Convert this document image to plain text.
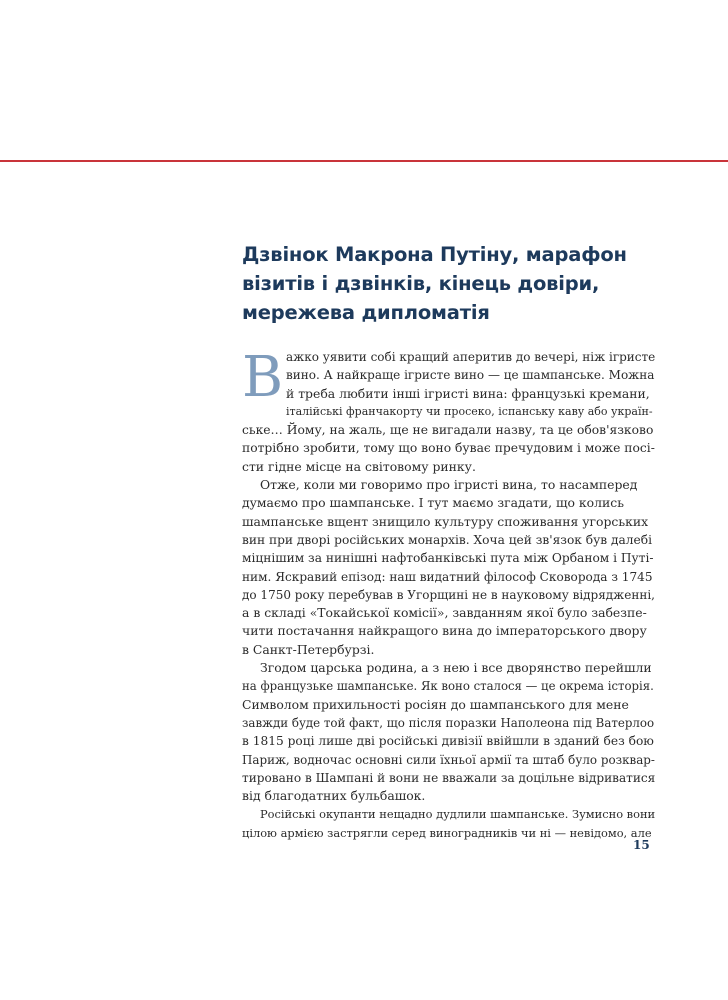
Дзвінок Макрона Путіну, марафон
візитів і дзвінків, кінець довіри,
мережева дипломатія

В ажко уявити собі кращий аперитив до вечері, ніж ігристе
вино. А найкраще ігристе вино — це шампанське. Можна
й треба любити інші ігристі вина: французькі кремани,
італійські франчакорту чи просеко, іспанську каву або україн-
ське… Йому, на жаль, ще не вигадали назву, та це обов'язково
потрібно зробити, тому що воно буває пречудовим і може посі-
сти гідне місце на світовому ринку.

Отже, коли ми говоримо про ігристі вина, то насамперед
думаємо про шампанське. І тут маємо згадати, що колись
шампанське вщент знищило культуру споживання угорських
вин при дворі російських монархів. Хоча цей зв'язок був далебі
міцнішим за нинішні нафтобанківські пута між Орбаном і Путі-
ним. Яскравий епізод: наш видатний філософ Сковорода з 1745
до 1750 року перебував в Угорщині не в науковому відрядженні,
а в складі «Токайської комісії», завданням якої було забезпе-
чити постачання найкращого вина до імператорського двору
в Санкт-Петербурзі.

Згодом царська родина, а з нею і все дворянство перейшли
на французьке шампанське. Як воно сталося — це окрема історія.
Символом прихильності росіян до шампанського для мене
завжди буде той факт, що після поразки Наполеона під Ватерлоо
в 1815 році лише дві російські дивізії ввійшли в зданий без бою
Париж, водночас основні сили їхньої армії та штаб було розквар-
тировано в Шампані й вони не вважали за доцільне відриватися
від благодатних бульбашок.

Російські окупанти нещадно дудлили шампанське. Зумисно вони
цілою армією застрягли серед виноградників чи ні — невідомо, але

15
